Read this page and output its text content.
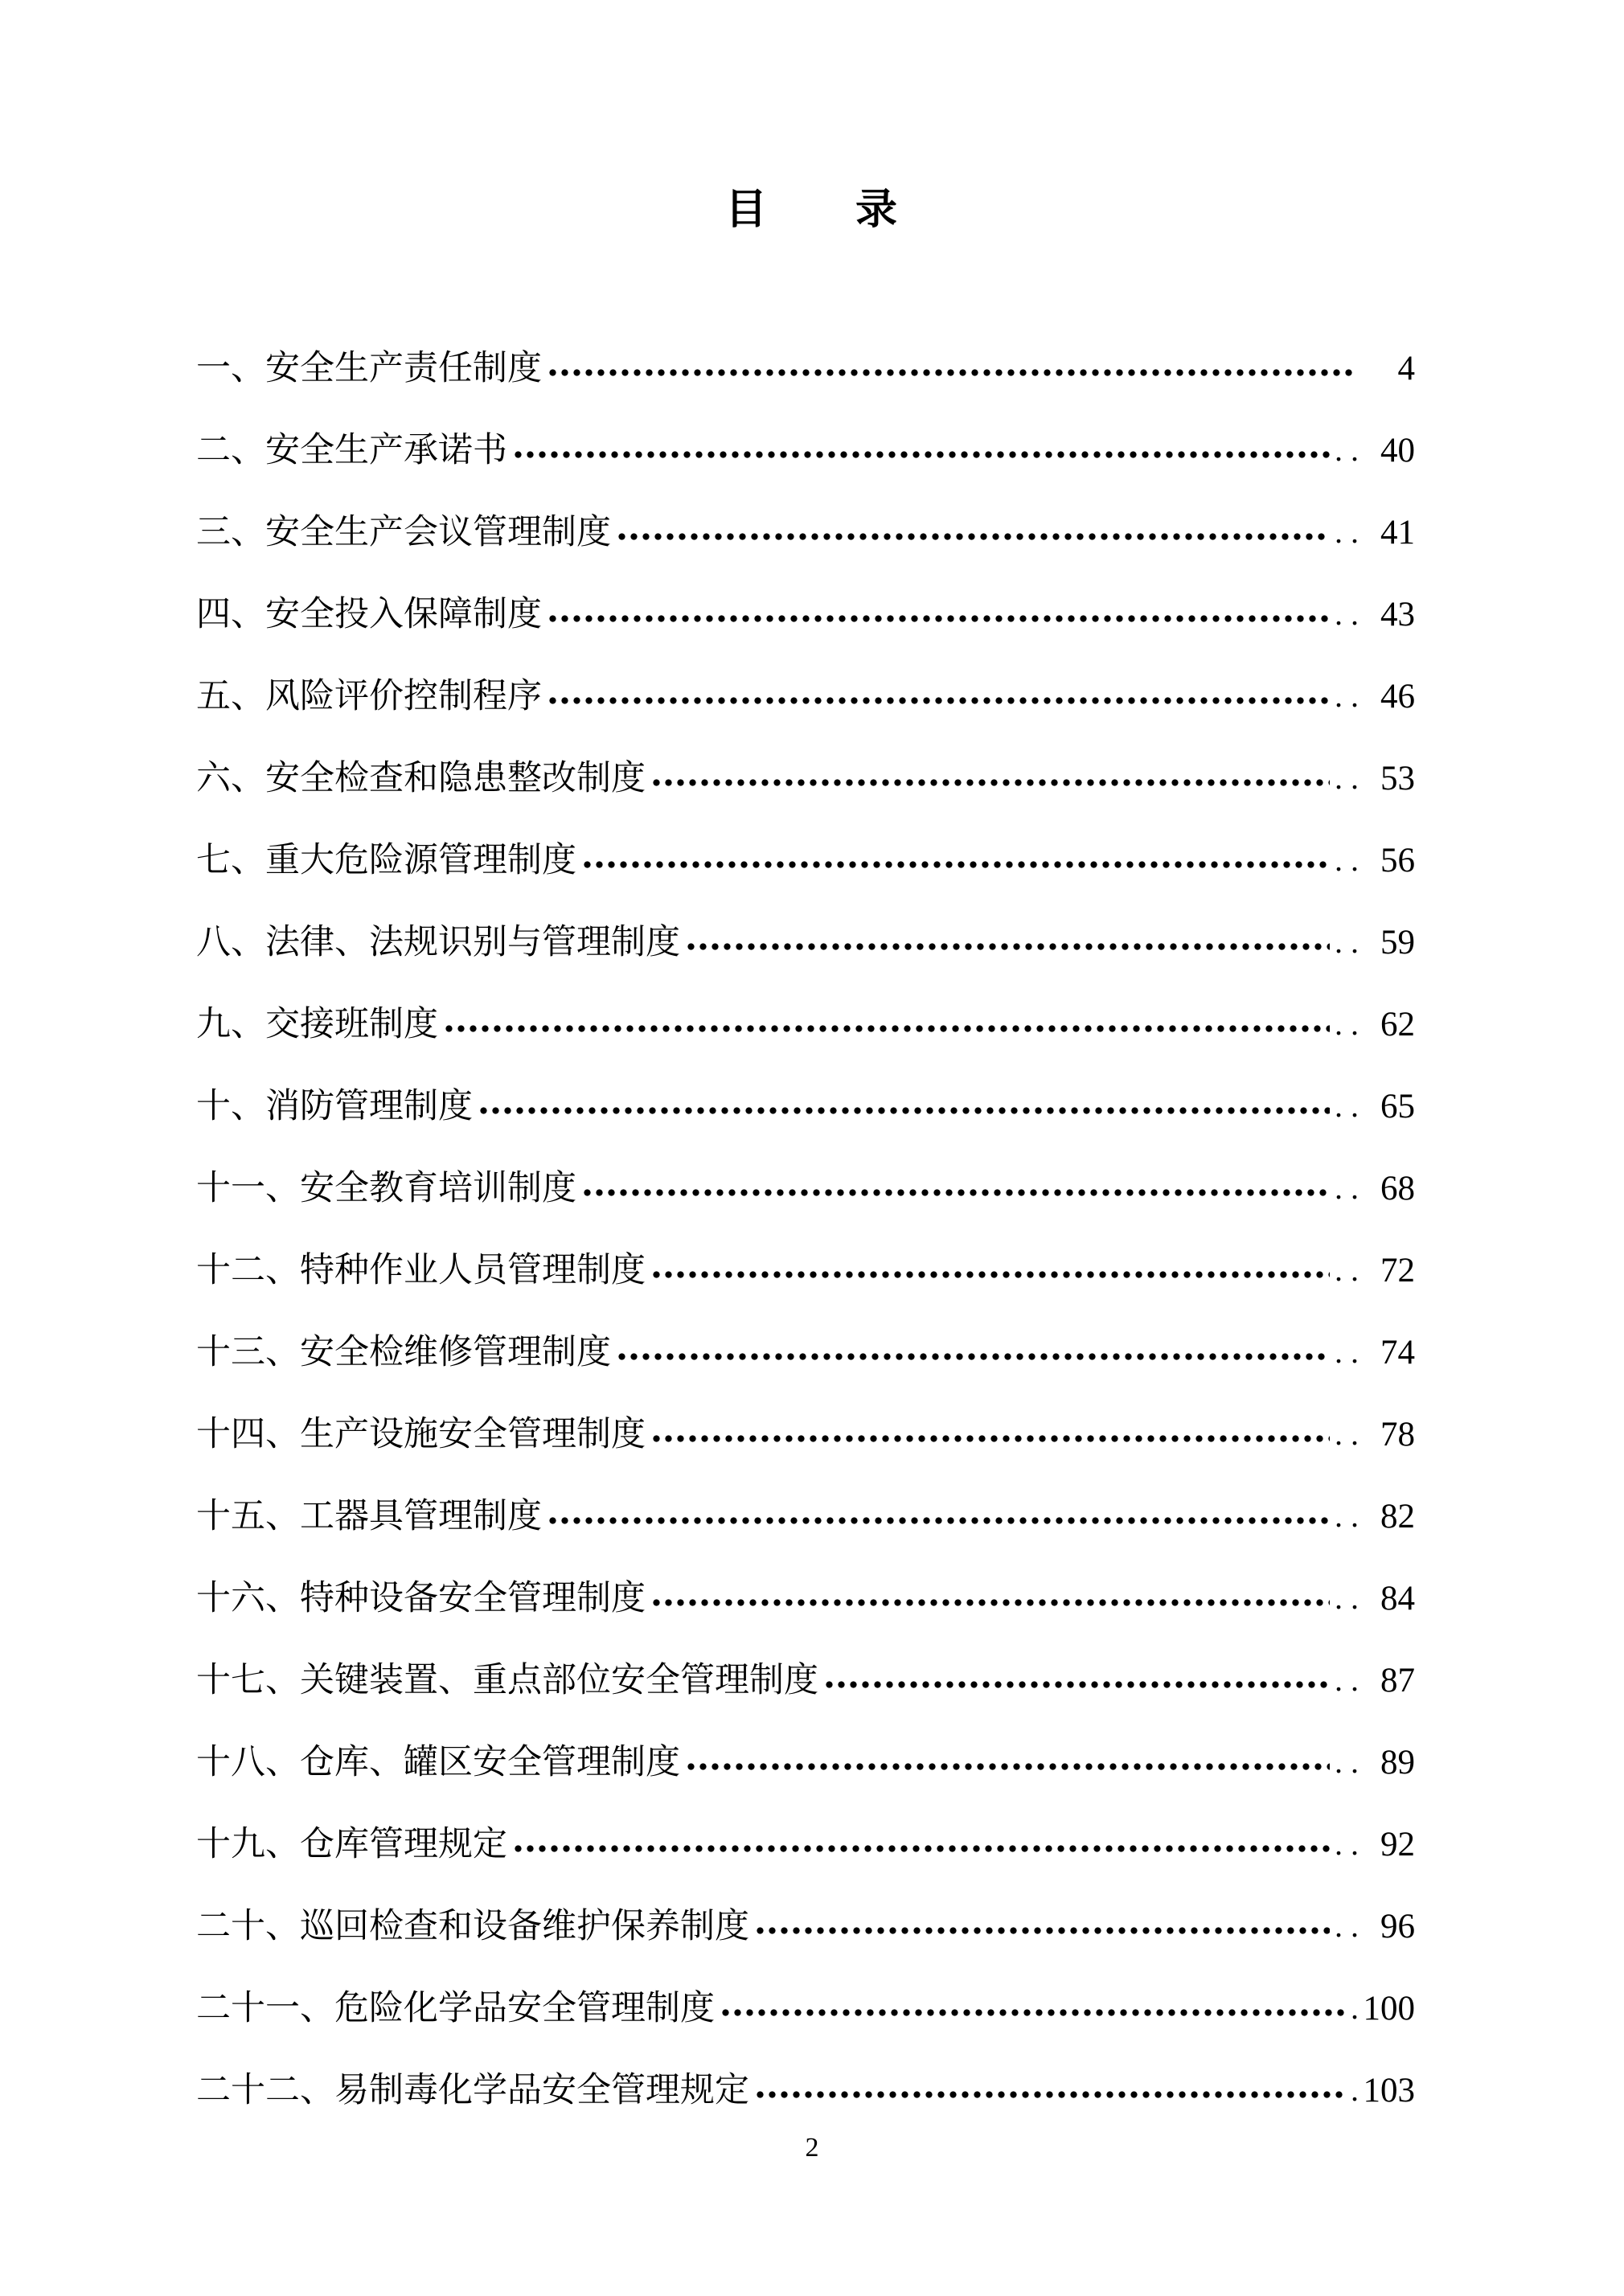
目　　录
一、安全生产责任制度	4
二、安全生产承诺书	. . 40
三、安全生产会议管理制度	. . 41
四、安全投入保障制度	. . 43
五、风险评价控制程序	. . 46
六、安全检查和隐患整改制度	. . 53
七、重大危险源管理制度	. . 56
八、法律、法规识别与管理制度	. . 59
九、交接班制度	. . 62
十、消防管理制度	. . 65
十一、安全教育培训制度	. . 68
十二、特种作业人员管理制度	. . 72
十三、安全检维修管理制度	. . 74
十四、生产设施安全管理制度	. . 78
十五、工器具管理制度	. . 82
十六、特种设备安全管理制度	. . 84
十七、关键装置、重点部位安全管理制度	. . 87
十八、仓库、罐区安全管理制度	. . 89
十九、仓库管理规定	. . 92
二十、巡回检查和设备维护保养制度	. . 96
二十一、危险化学品安全管理制度	. 100
二十二、易制毒化学品安全管理规定	. 103
2
